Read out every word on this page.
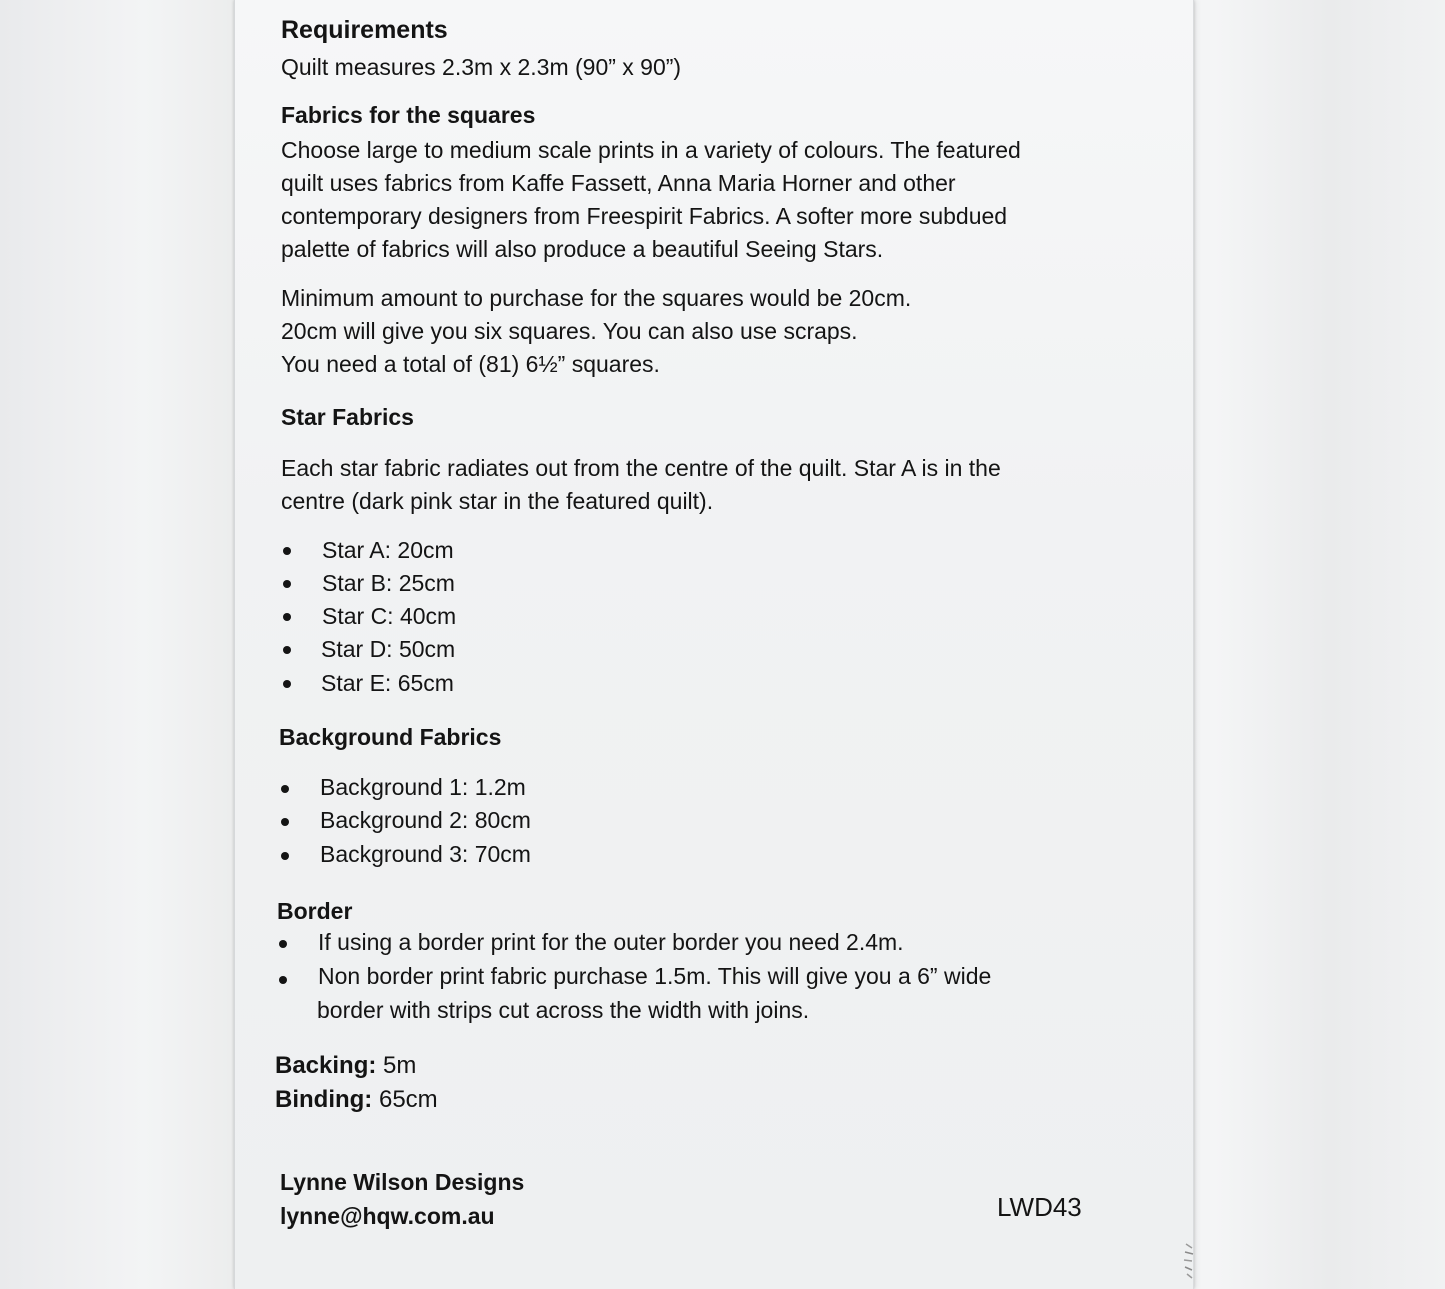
Requirements
Quilt measures 2.3m x 2.3m (90” x 90”)
Fabrics for the squares
Choose large to medium scale prints in a variety of colours. The featured
quilt uses fabrics from Kaffe Fassett, Anna Maria Horner and other
contemporary designers from Freespirit Fabrics. A softer more subdued
palette of fabrics will also produce a beautiful Seeing Stars.
Minimum amount to purchase for the squares would be 20cm.
20cm will give you six squares. You can also use scraps.
You need a total of (81) 6½” squares.
Star Fabrics
Each star fabric radiates out from the centre of the quilt. Star A is in the
centre (dark pink star in the featured quilt).
Star A: 20cm
Star B: 25cm
Star C: 40cm
Star D: 50cm
Star E: 65cm
Background Fabrics
Background 1: 1.2m
Background 2: 80cm
Background 3: 70cm
Border
If using a border print for the outer border you need 2.4m.
Non border print fabric purchase 1.5m. This will give you a 6” wide
border with strips cut across the width with joins.
Backing: 5m
Binding: 65cm
Lynne Wilson Designs
lynne@hqw.com.au	LWD43
